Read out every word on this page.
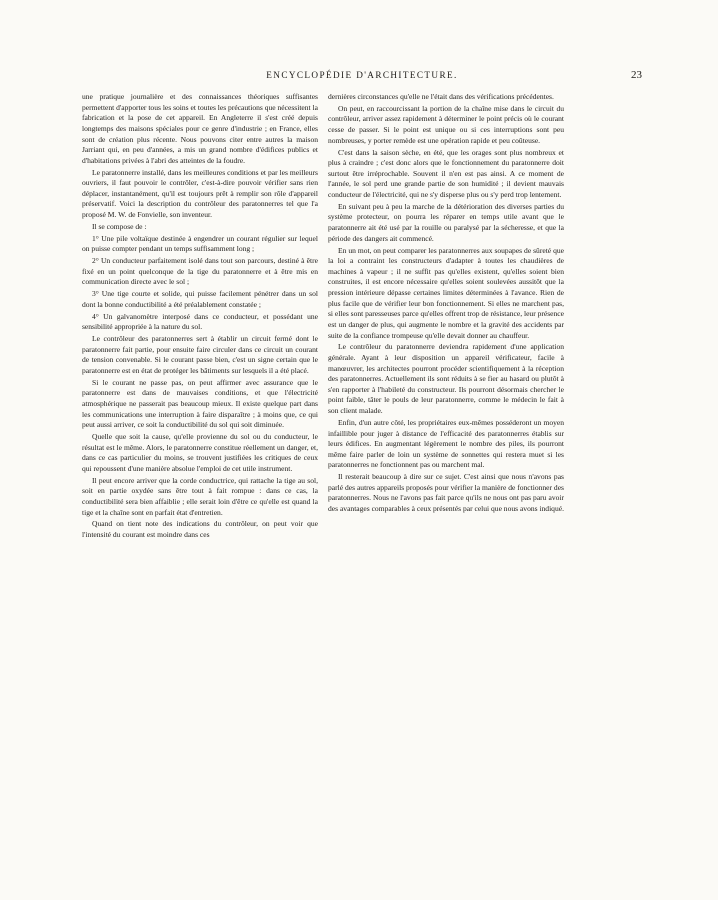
ENCYCLOPÉDIE D'ARCHITECTURE.	23

une pratique journalière et des connaissances théoriques suffisantes permettent d'apporter tous les soins et toutes les précautions que nécessitent la fabrication et la pose de cet appareil. En Angleterre il s'est créé depuis longtemps des maisons spéciales pour ce genre d'industrie ; en France, elles sont de création plus récente. Nous pouvons citer entre autres la maison Jarriant qui, en peu d'années, a mis un grand nombre d'édifices publics et d'habitations privées à l'abri des atteintes de la foudre.

Le paratonnerre installé, dans les meilleures conditions et par les meilleurs ouvriers, il faut pouvoir le contrôler, c'est-à-dire pouvoir vérifier sans rien déplacer, instantanément, qu'il est toujours prêt à remplir son rôle d'appareil préservatif. Voici la description du contrôleur des paratonnerres tel que l'a proposé M. W. de Fonvielle, son inventeur.

Il se compose de :

1° Une pile voltaïque destinée à engendrer un courant régulier sur lequel on puisse compter pendant un temps suffisamment long ;

2° Un conducteur parfaitement isolé dans tout son parcours, destiné à être fixé en un point quelconque de la tige du paratonnerre et à être mis en communication directe avec le sol ;

3° Une tige courte et solide, qui puisse facilement pénétrer dans un sol dont la bonne conductibilité a été préalablement constatée ;

4° Un galvanomètre interposé dans ce conducteur, et possédant une sensibilité appropriée à la nature du sol.

Le contrôleur des paratonnerres sert à établir un circuit fermé dont le paratonnerre fait partie, pour ensuite faire circuler dans ce circuit un courant de tension convenable. Si le courant passe bien, c'est un signe certain que le paratonnerre est en état de protéger les bâtiments sur lesquels il a été placé.

Si le courant ne passe pas, on peut affirmer avec assurance que le paratonnerre est dans de mauvaises conditions, et que l'électricité atmosphérique ne passerait pas beaucoup mieux. Il existe quelque part dans les communications une interruption à faire disparaître ; à moins que, ce qui peut aussi arriver, ce soit la conductibilité du sol qui soit diminuée.

Quelle que soit la cause, qu'elle provienne du sol ou du conducteur, le résultat est le même. Alors, le paratonnerre constitue réellement un danger, et, dans ce cas particulier du moins, se trouvent justifiées les critiques de ceux qui repoussent d'une manière absolue l'emploi de cet utile instrument.

Il peut encore arriver que la corde conductrice, qui rattache la tige au sol, soit en partie oxydée sans être tout à fait rompue : dans ce cas, la conductibilité sera bien affaiblie ; elle serait loin d'être ce qu'elle est quand la tige et la chaîne sont en parfait état d'entretien.

Quand on tient note des indications du contrôleur, on peut voir que l'intensité du courant est moindre dans ces

dernières circonstances qu'elle ne l'était dans des vérifications précédentes.

On peut, en raccourcissant la portion de la chaîne mise dans le circuit du contrôleur, arriver assez rapidement à déterminer le point précis où le courant cesse de passer. Si le point est unique ou si ces interruptions sont peu nombreuses, y porter remède est une opération rapide et peu coûteuse.

C'est dans la saison sèche, en été, que les orages sont plus nombreux et plus à craindre ; c'est donc alors que le fonctionnement du paratonnerre doit surtout être irréprochable. Souvent il n'en est pas ainsi. A ce moment de l'année, le sol perd une grande partie de son humidité ; il devient mauvais conducteur de l'électricité, qui ne s'y disperse plus ou s'y perd trop lentement.

En suivant peu à peu la marche de la détérioration des diverses parties du système protecteur, on pourra les réparer en temps utile avant que le paratonnerre ait été usé par la rouille ou paralysé par la sécheresse, et que la période des dangers ait commencé.

En un mot, on peut comparer les paratonnerres aux soupapes de sûreté que la loi a contraint les constructeurs d'adapter à toutes les chaudières de machines à vapeur ; il ne suffit pas qu'elles existent, qu'elles soient bien construites, il est encore nécessaire qu'elles soient soulevées aussitôt que la pression intérieure dépasse certaines limites déterminées à l'avance. Rien de plus facile que de vérifier leur bon fonctionnement. Si elles ne marchent pas, si elles sont paresseuses parce qu'elles offrent trop de résistance, leur présence est un danger de plus, qui augmente le nombre et la gravité des accidents par suite de la confiance trompeuse qu'elle devait donner au chauffeur.

Le contrôleur du paratonnerre deviendra rapidement d'une application générale. Ayant à leur disposition un appareil vérificateur, facile à manœuvrer, les architectes pourront procéder scientifiquement à la réception des paratonnerres. Actuellement ils sont réduits à se fier au hasard ou plutôt à s'en rapporter à l'habileté du constructeur. Ils pourront désormais chercher le point faible, tâter le pouls de leur paratonnerre, comme le médecin le fait à son client malade.

Enfin, d'un autre côté, les propriétaires eux-mêmes posséderont un moyen infaillible pour juger à distance de l'efficacité des paratonnerres établis sur leurs édifices. En augmentant légèrement le nombre des piles, ils pourront même faire parler de loin un système de sonnettes qui restera muet si les paratonnerres ne fonctionnent pas ou marchent mal.

Il resterait beaucoup à dire sur ce sujet. C'est ainsi que nous n'avons pas parlé des autres appareils proposés pour vérifier la manière de fonctionner des paratonnerres. Nous ne l'avons pas fait parce qu'ils ne nous ont pas paru avoir des avantages comparables à ceux présentés par celui que nous avons indiqué.
